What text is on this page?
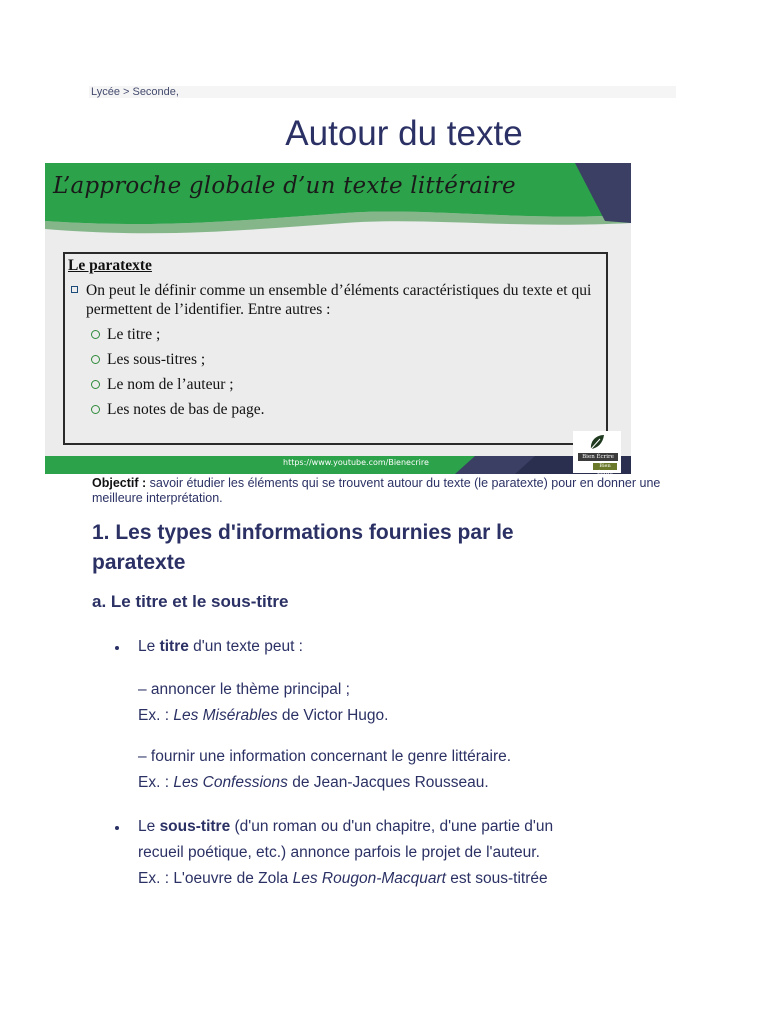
Lycée > Seconde,
Autour du texte
L’approche globale d’un texte littéraire
Le paratexte
On peut le définir comme un ensemble d’éléments caractéristiques du texte et qui permettent de l’identifier. Entre autres :
Le titre ;
Les sous-titres ;
Le nom de l’auteur ;
Les notes de bas de page.
https://www.youtube.com/Bienecrire
Bien Écrire
Bien Écrire
Objectif : savoir étudier les éléments qui se trouvent autour du texte (le paratexte) pour en donner une meilleure interprétation.
1. Les types d'informations fournies par le paratexte
a. Le titre et le sous-titre
Le titre d'un texte peut :
– annoncer le thème principal ;
Ex. : Les Misérables de Victor Hugo.
– fournir une information concernant le genre littéraire.
Ex. : Les Confessions de Jean-Jacques Rousseau.
Le sous-titre (d'un roman ou d'un chapitre, d'une partie d'un
recueil poétique, etc.) annonce parfois le projet de l'auteur.
Ex. : L'oeuvre de Zola Les Rougon-Macquart est sous-titrée
